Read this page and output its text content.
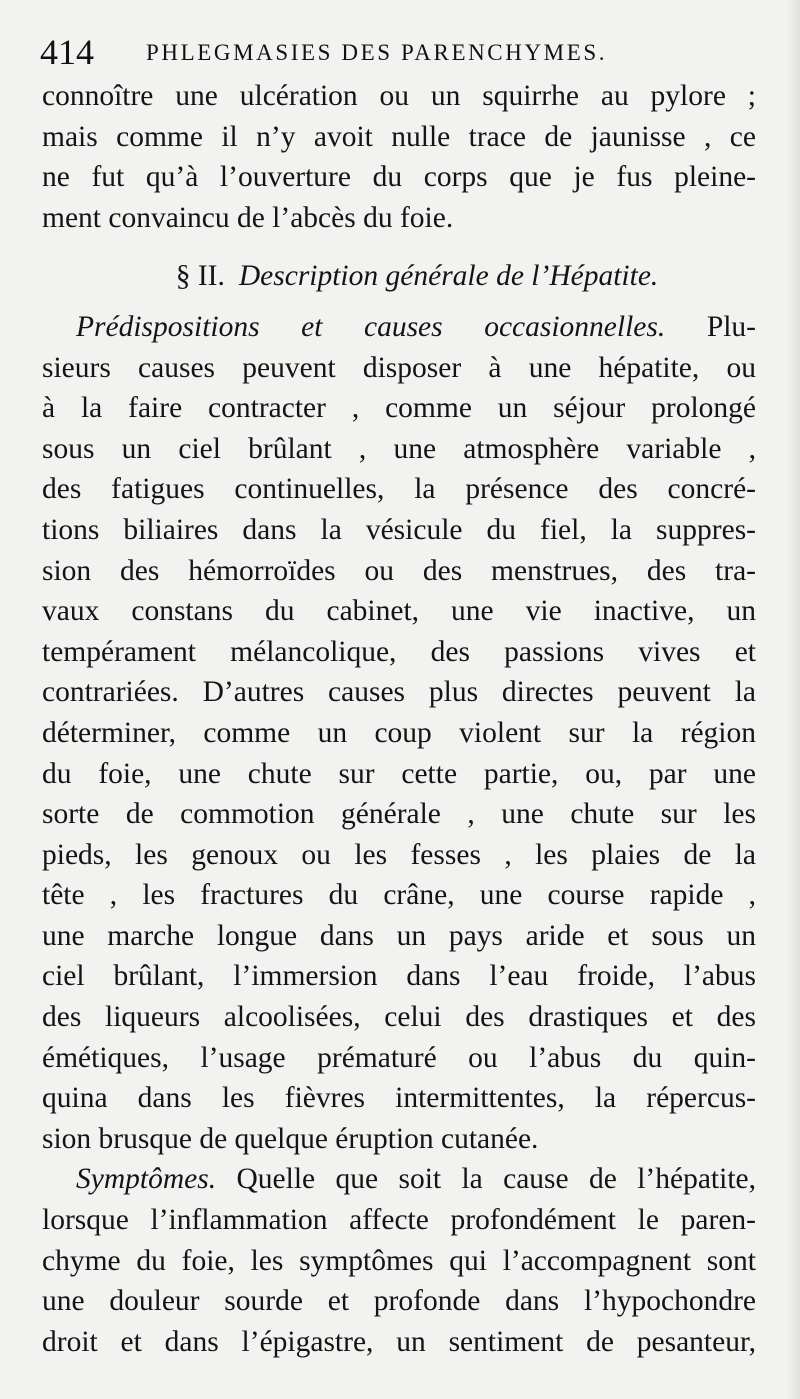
414 PHLEGMASIES DES PARENCHYMES.
connoître une ulcération ou un squirrhe au pylore ;
mais comme il n’y avoit nulle trace de jaunisse , ce
ne fut qu’à l’ouverture du corps que je fus pleine-
ment convaincu de l’abcès du foie.
§ II. Description générale de l’Hépatite.
Prédispositions et causes occasionnelles. Plu-
sieurs causes peuvent disposer à une hépatite, ou
à la faire contracter , comme un séjour prolongé
sous un ciel brûlant , une atmosphère variable ,
des fatigues continuelles, la présence des concré-
tions biliaires dans la vésicule du fiel, la suppres-
sion des hémorroïdes ou des menstrues, des tra-
vaux constans du cabinet, une vie inactive, un
tempérament mélancolique, des passions vives et
contrariées. D’autres causes plus directes peuvent la
déterminer, comme un coup violent sur la région
du foie, une chute sur cette partie, ou, par une
sorte de commotion générale , une chute sur les
pieds, les genoux ou les fesses , les plaies de la
tête , les fractures du crâne, une course rapide ,
une marche longue dans un pays aride et sous un
ciel brûlant, l’immersion dans l’eau froide, l’abus
des liqueurs alcoolisées, celui des drastiques et des
émétiques, l’usage prématuré ou l’abus du quin-
quina dans les fièvres intermittentes, la répercus-
sion brusque de quelque éruption cutanée.
Symptômes. Quelle que soit la cause de l’hépatite,
lorsque l’inflammation affecte profondément le paren-
chyme du foie, les symptômes qui l’accompagnent sont
une douleur sourde et profonde dans l’hypochondre
droit et dans l’épigastre, un sentiment de pesanteur,
